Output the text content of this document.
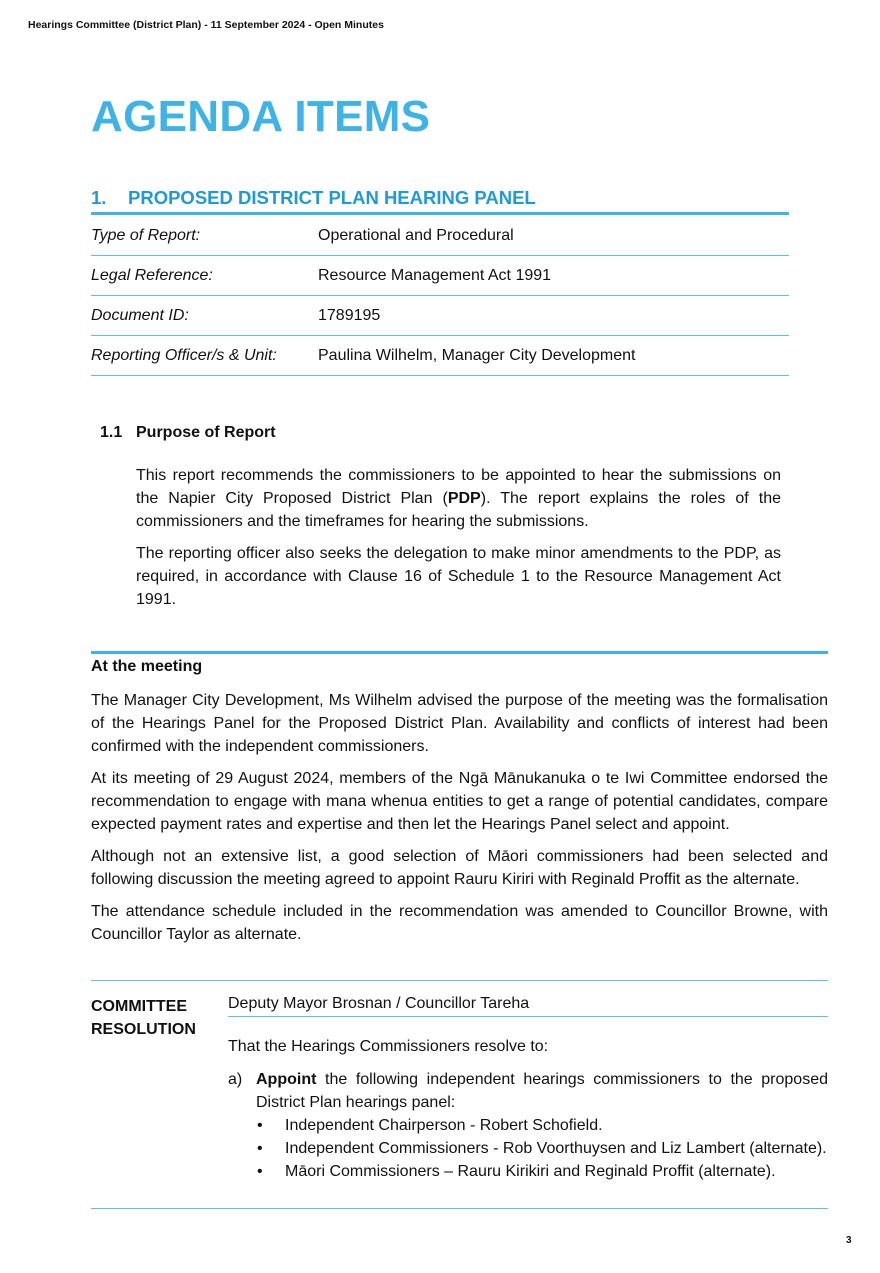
Hearings Committee (District Plan) - 11 September 2024 - Open Minutes
AGENDA ITEMS
1. PROPOSED DISTRICT PLAN HEARING PANEL
Type of Report:	Operational and Procedural
Legal Reference:	Resource Management Act 1991
Document ID:	1789195
Reporting Officer/s & Unit:	Paulina Wilhelm, Manager City Development
1.1 Purpose of Report

This report recommends the commissioners to be appointed to hear the submissions on the Napier City Proposed District Plan (PDP). The report explains the roles of the commissioners and the timeframes for hearing the submissions.

The reporting officer also seeks the delegation to make minor amendments to the PDP, as required, in accordance with Clause 16 of Schedule 1 to the Resource Management Act 1991.

At the meeting

The Manager City Development, Ms Wilhelm advised the purpose of the meeting was the formalisation of the Hearings Panel for the Proposed District Plan. Availability and conflicts of interest had been confirmed with the independent commissioners.

At its meeting of 29 August 2024, members of the Ngā Mānukanuka o te Iwi Committee endorsed the recommendation to engage with mana whenua entities to get a range of potential candidates, compare expected payment rates and expertise and then let the Hearings Panel select and appoint.

Although not an extensive list, a good selection of Māori commissioners had been selected and following discussion the meeting agreed to appoint Rauru Kiriri with Reginald Proffit as the alternate.

The attendance schedule included in the recommendation was amended to Councillor Browne, with Councillor Taylor as alternate.

COMMITTEE
RESOLUTION
Deputy Mayor Brosnan / Councillor Tareha
That the Hearings Commissioners resolve to:
a) Appoint the following independent hearings commissioners to the proposed District Plan hearings panel:
• Independent Chairperson - Robert Schofield.
• Independent Commissioners - Rob Voorthuysen and Liz Lambert (alternate).
• Māori Commissioners – Rauru Kirikiri and Reginald Proffit (alternate).
3
